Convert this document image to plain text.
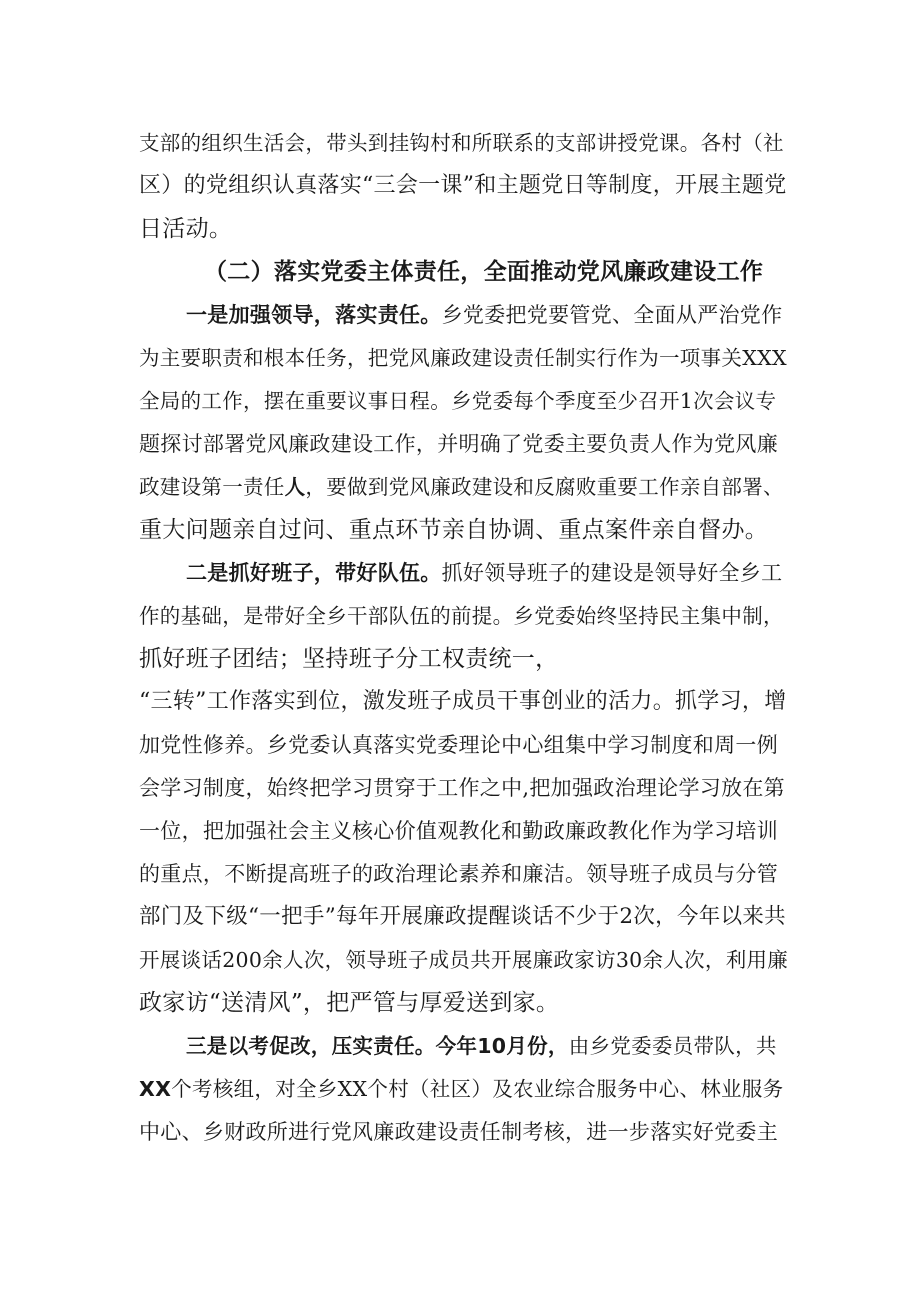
支部的组织生活会，带头到挂钩村和所联系的支部讲授党课。各村（社
区）的党组织认真落实“三会一课”和主题党日等制度，开展主题党
日活动。
（二）落实党委主体责任，全面推动党风廉政建设工作
一是加强领导，落实责任。乡党委把党要管党、全面从严治党作
为主要职责和根本任务，把党风廉政建设责任制实行作为一项事关XXX
全局的工作，摆在重要议事日程。乡党委每个季度至少召开1次会议专
题探讨部署党风廉政建设工作，并明确了党委主要负责人作为党风廉
政建设第一责任人，要做到党风廉政建设和反腐败重要工作亲自部署、
重大问题亲自过问、重点环节亲自协调、重点案件亲自督办。
二是抓好班子，带好队伍。抓好领导班子的建设是领导好全乡工
作的基础，是带好全乡干部队伍的前提。乡党委始终坚持民主集中制，
抓好班子团结；坚持班子分工权责统一，
“三转”工作落实到位，激发班子成员干事创业的活力。抓学习，增
加党性修养。乡党委认真落实党委理论中心组集中学习制度和周一例
会学习制度，始终把学习贯穿于工作之中,把加强政治理论学习放在第
一位，把加强社会主义核心价值观教化和勤政廉政教化作为学习培训
的重点，不断提高班子的政治理论素养和廉洁。领导班子成员与分管
部门及下级“一把手”每年开展廉政提醒谈话不少于2次，今年以来共
开展谈话200余人次，领导班子成员共开展廉政家访30余人次，利用廉
政家访“送清风”，把严管与厚爱送到家。
三是以考促改，压实责任。今年10月份，由乡党委委员带队，共
XX个考核组，对全乡XX个村（社区）及农业综合服务中心、林业服务
中心、乡财政所进行党风廉政建设责任制考核，进一步落实好党委主
